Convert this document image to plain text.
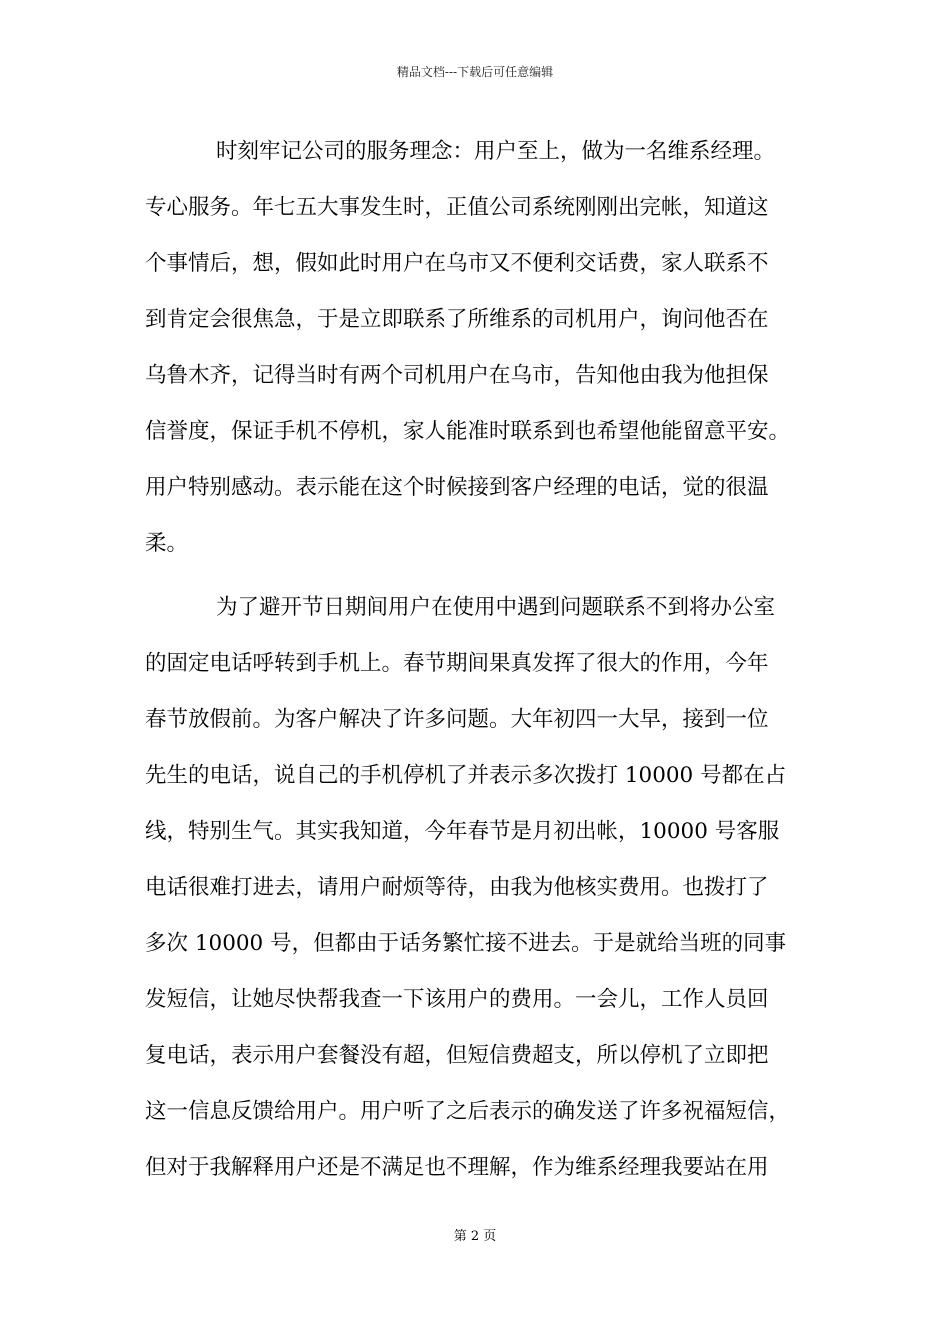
精品文档---下载后可任意编辑
时刻牢记公司的服务理念：用户至上，做为一名维系经理。
专心服务。年七五大事发生时，正值公司系统刚刚出完帐，知道这
个事情后，想，假如此时用户在乌市又不便利交话费，家人联系不
到肯定会很焦急，于是立即联系了所维系的司机用户，询问他否在
乌鲁木齐，记得当时有两个司机用户在乌市，告知他由我为他担保
信誉度，保证手机不停机，家人能准时联系到也希望他能留意平安。
用户特别感动。表示能在这个时候接到客户经理的电话，觉的很温
柔。
为了避开节日期间用户在使用中遇到问题联系不到将办公室
的固定电话呼转到手机上。春节期间果真发挥了很大的作用，今年
春节放假前。为客户解决了许多问题。大年初四一大早，接到一位
先生的电话，说自己的手机停机了并表示多次拨打 10000 号都在占
线，特别生气。其实我知道，今年春节是月初出帐，10000 号客服
电话很难打进去，请用户耐烦等待，由我为他核实费用。也拨打了
多次 10000 号，但都由于话务繁忙接不进去。于是就给当班的同事
发短信，让她尽快帮我查一下该用户的费用。一会儿，工作人员回
复电话，表示用户套餐没有超，但短信费超支，所以停机了立即把
这一信息反馈给用户。用户听了之后表示的确发送了许多祝福短信，
但对于我解释用户还是不满足也不理解，作为维系经理我要站在用
第 2 页
